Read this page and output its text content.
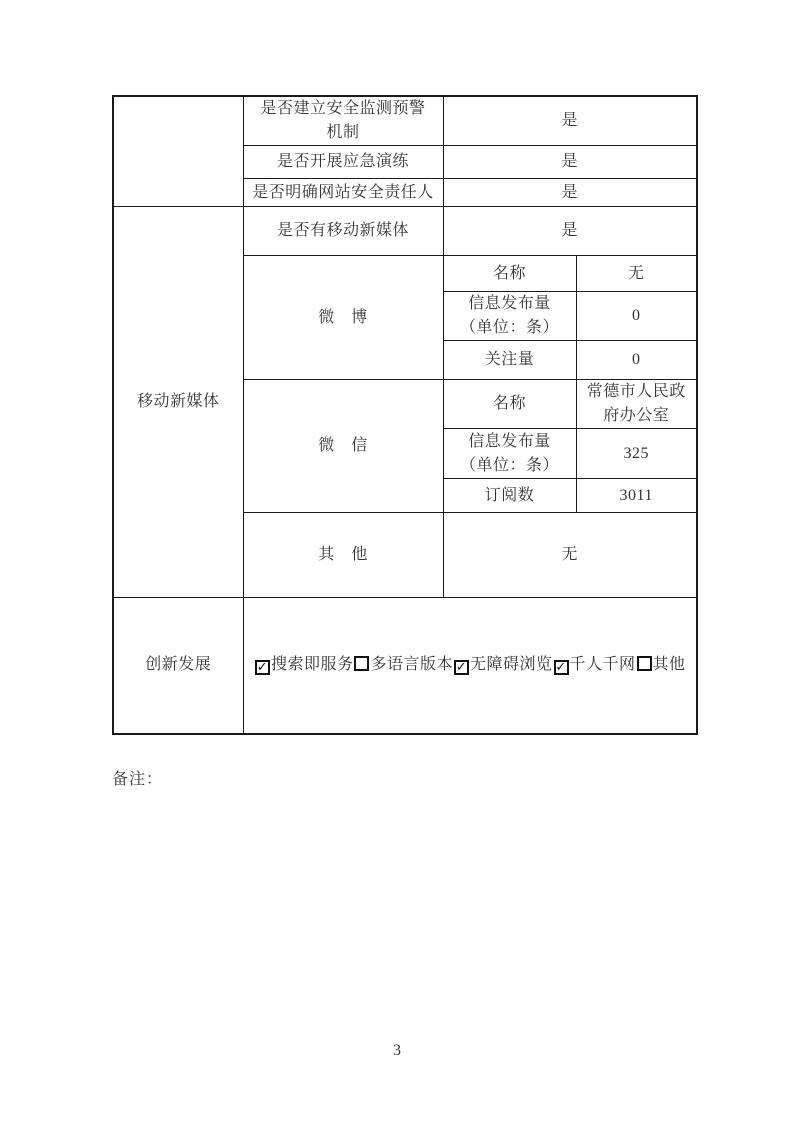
	是否建立安全监测预警
机制	是	
	是否开展应急演练	是	
	是否明确网站安全责任人	是	
移动新媒体	是否有移动新媒体	是	
	微　博	名称	无

		信息发布量
（单位：条）	0
		关注量	0
	微　信	名称	常德市人民政
府办公室

		信息发布量
（单位：条）	325
		订阅数	3011
	其　他	无	
创新发展	✓ 搜索即服务 多语言版本 ✓ 无障碍浏览 ✓ 千人千网 其他		
备注：
3
